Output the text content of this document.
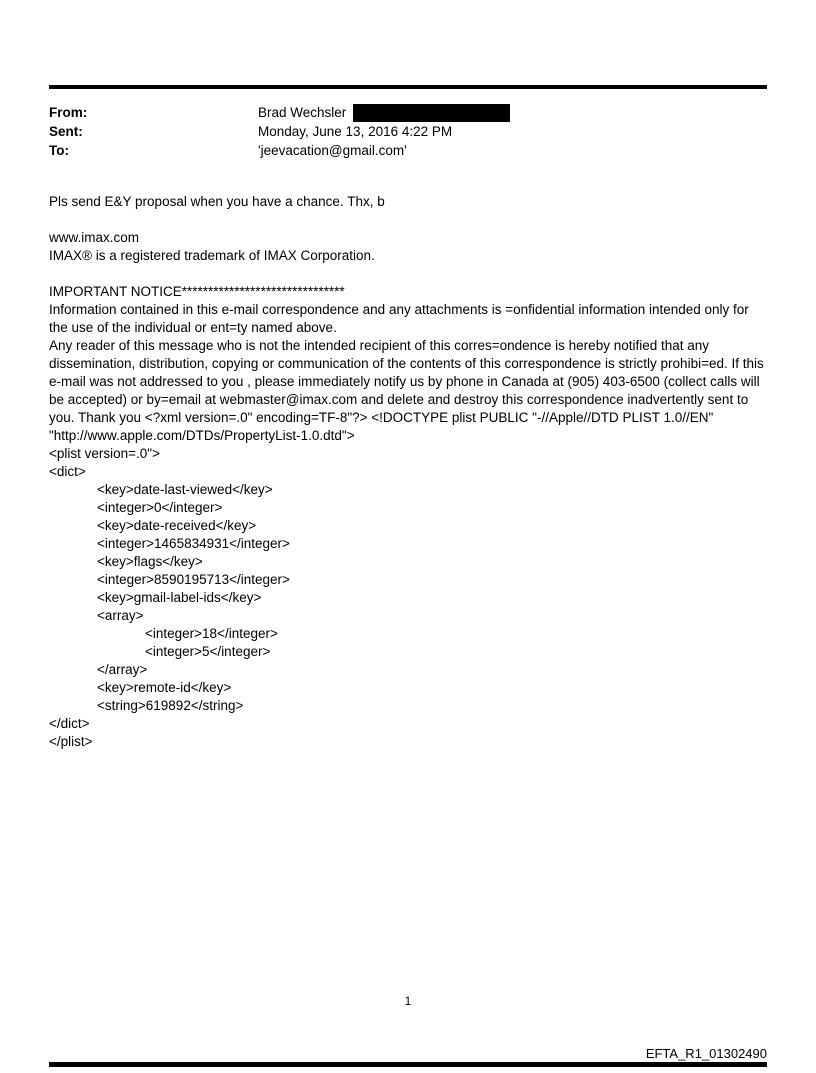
From:	Brad Wechsler
Sent:	Monday, June 13, 2016 4:22 PM
To:	'jeevacation@gmail.com'
Pls send E&Y proposal when you have a chance. Thx, b
www.imax.com
IMAX® is a registered trademark of IMAX Corporation.
IMPORTANT NOTICE*******************************
Information contained in this e-mail correspondence and any attachments is =onfidential information intended only for the use of the individual or ent=ty named above.
Any reader of this message who is not the intended recipient of this corres=ondence is hereby notified that any dissemination, distribution, copying or communication of the contents of this correspondence is strictly prohibi=ed. If this e-mail was not addressed to you , please immediately notify us by phone in Canada at (905) 403-6500 (collect calls will be accepted) or by=email at webmaster@imax.com and delete and destroy this correspondence inadvertently sent to you. Thank you <?xml version=.0" encoding=TF-8"?> <!DOCTYPE plist PUBLIC "-//Apple//DTD PLIST 1.0//EN" "http://www.apple.com/DTDs/PropertyList-1.0.dtd">
<plist version=.0">
<dict>
<key>date-last-viewed</key>
<integer>0</integer>
<key>date-received</key>
<integer>1465834931</integer>
<key>flags</key>
<integer>8590195713</integer>
<key>gmail-label-ids</key>
<array>
<integer>18</integer>
<integer>5</integer>
</array>
<key>remote-id</key>
<string>619892</string>
</dict>
</plist>
1
EFTA_R1_01302490
